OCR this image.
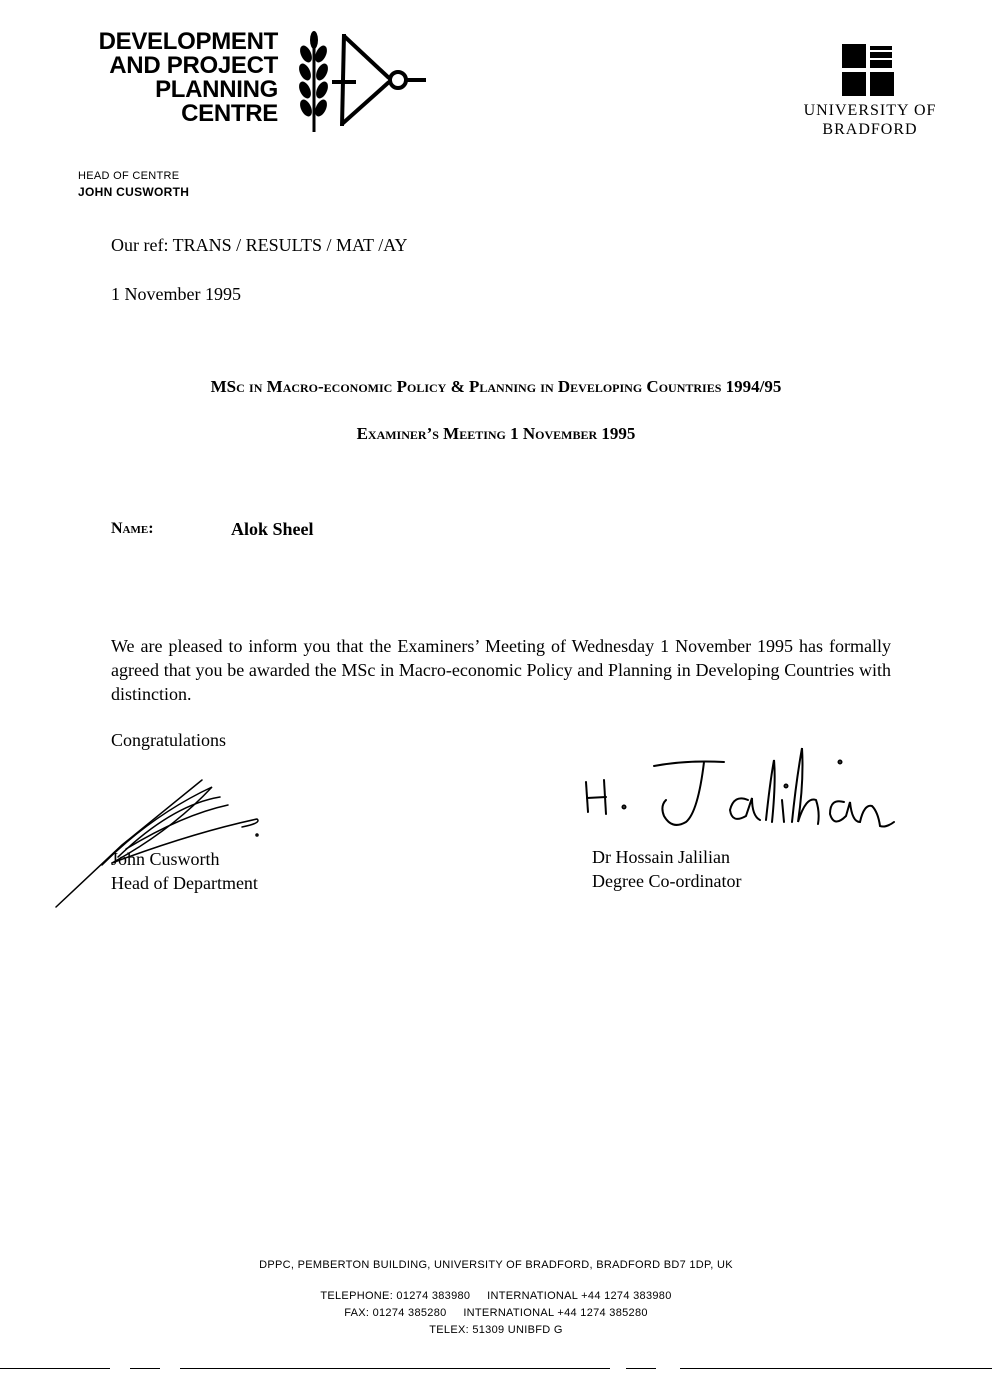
DEVELOPMENT
AND PROJECT
PLANNING
CENTRE	UNIVERSITY OF
BRADFORD
HEAD OF CENTRE
JOHN CUSWORTH
Our ref: TRANS / RESULTS / MAT /AY
1 November 1995
MSc in Macro-economic Policy & Planning in Developing Countries 1994/95
Examiner’s Meeting 1 November 1995
Name:	Alok Sheel
We are pleased to inform you that the Examiners’ Meeting of Wednesday 1 November 1995 has formally agreed that you be awarded the MSc in Macro-economic Policy and Planning in Developing Countries with distinction.
Congratulations
John Cusworth
Head of Department
Dr Hossain Jalilian
Degree Co-ordinator
DPPC, PEMBERTON BUILDING, UNIVERSITY OF BRADFORD, BRADFORD BD7 1DP, UK
TELEPHONE: 01274 383980     INTERNATIONAL +44 1274 383980
FAX: 01274 385280     INTERNATIONAL +44 1274 385280
TELEX: 51309 UNIBFD G
